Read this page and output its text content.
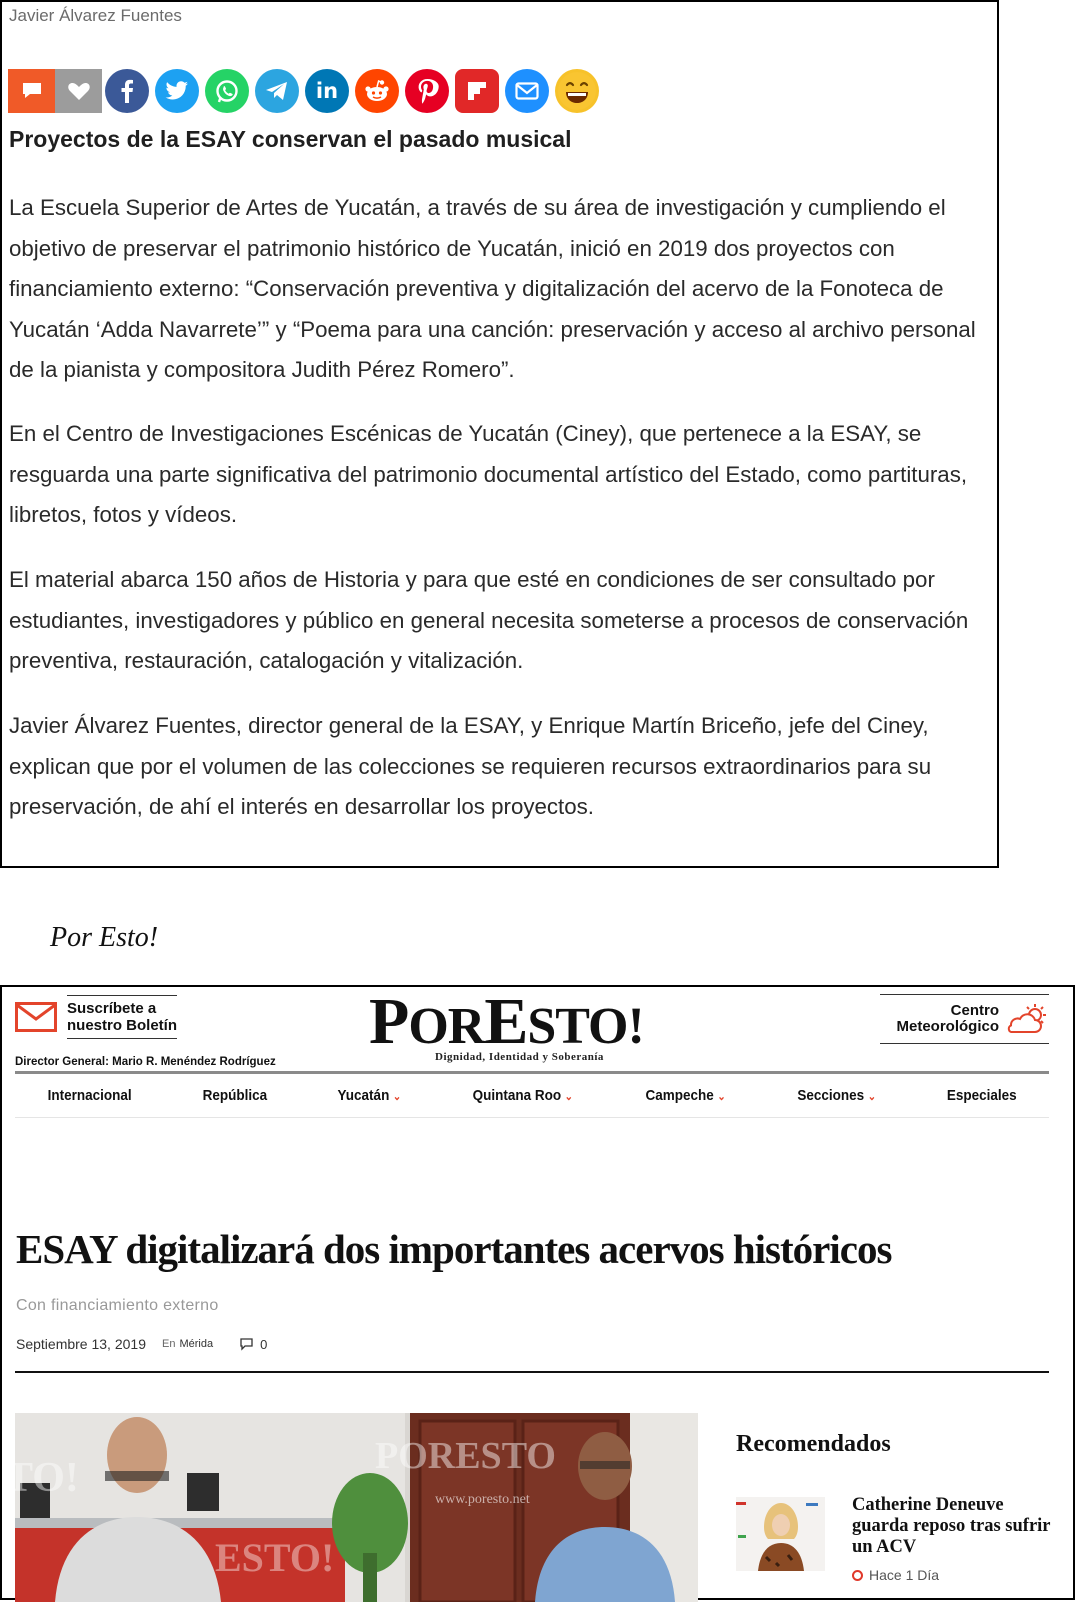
Javier Álvarez Fuentes
in
Proyectos de la ESAY conservan el pasado musical

La Escuela Superior de Artes de Yucatán, a través de su área de investigación y cumpliendo el objetivo de preservar el patrimonio histórico de Yucatán, inició en 2019 dos proyectos con financiamiento externo: “Conservación preventiva y digitalización del acervo de la Fonoteca de Yucatán ‘Adda Navarrete’” y “Poema para una canción: preservación y acceso al archivo personal de la pianista y compositora Judith Pérez Romero”.

En el Centro de Investigaciones Escénicas de Yucatán (Ciney), que pertenece a la ESAY, se resguarda una parte significativa del patrimonio documental artístico del Estado, como partituras, libretos, fotos y vídeos.

El material abarca 150 años de Historia y para que esté en condiciones de ser consultado por estudiantes, investigadores y público en general necesita someterse a procesos de conservación preventiva, restauración, catalogación y vitalización.

Javier Álvarez Fuentes, director general de la ESAY, y Enrique Martín Briceño, jefe del Ciney, explican que por el volumen de las colecciones se requieren recursos extraordinarios para su preservación, de ahí el interés en desarrollar los proyectos.

Por Esto!
Suscríbete a
nuestro Boletín
Director General: Mario R. Menéndez Rodríguez
PORESTO!
Dignidad, Identidad y Soberanía
Centro
Meteorológico
Internacional	República	Yucatán ⌄	Quintana Roo ⌄	Campeche ⌄	Secciones ⌄	Especiales
ESAY digitalizará dos importantes acervos históricos
Con financiamiento externo
Septiembre 13, 2019 En Mérida	0
PORESTO
www.poresto.net
TO!
ESTO!
Recomendados
Catherine Deneuve guarda reposo tras sufrir un ACV
Hace 1 Día
